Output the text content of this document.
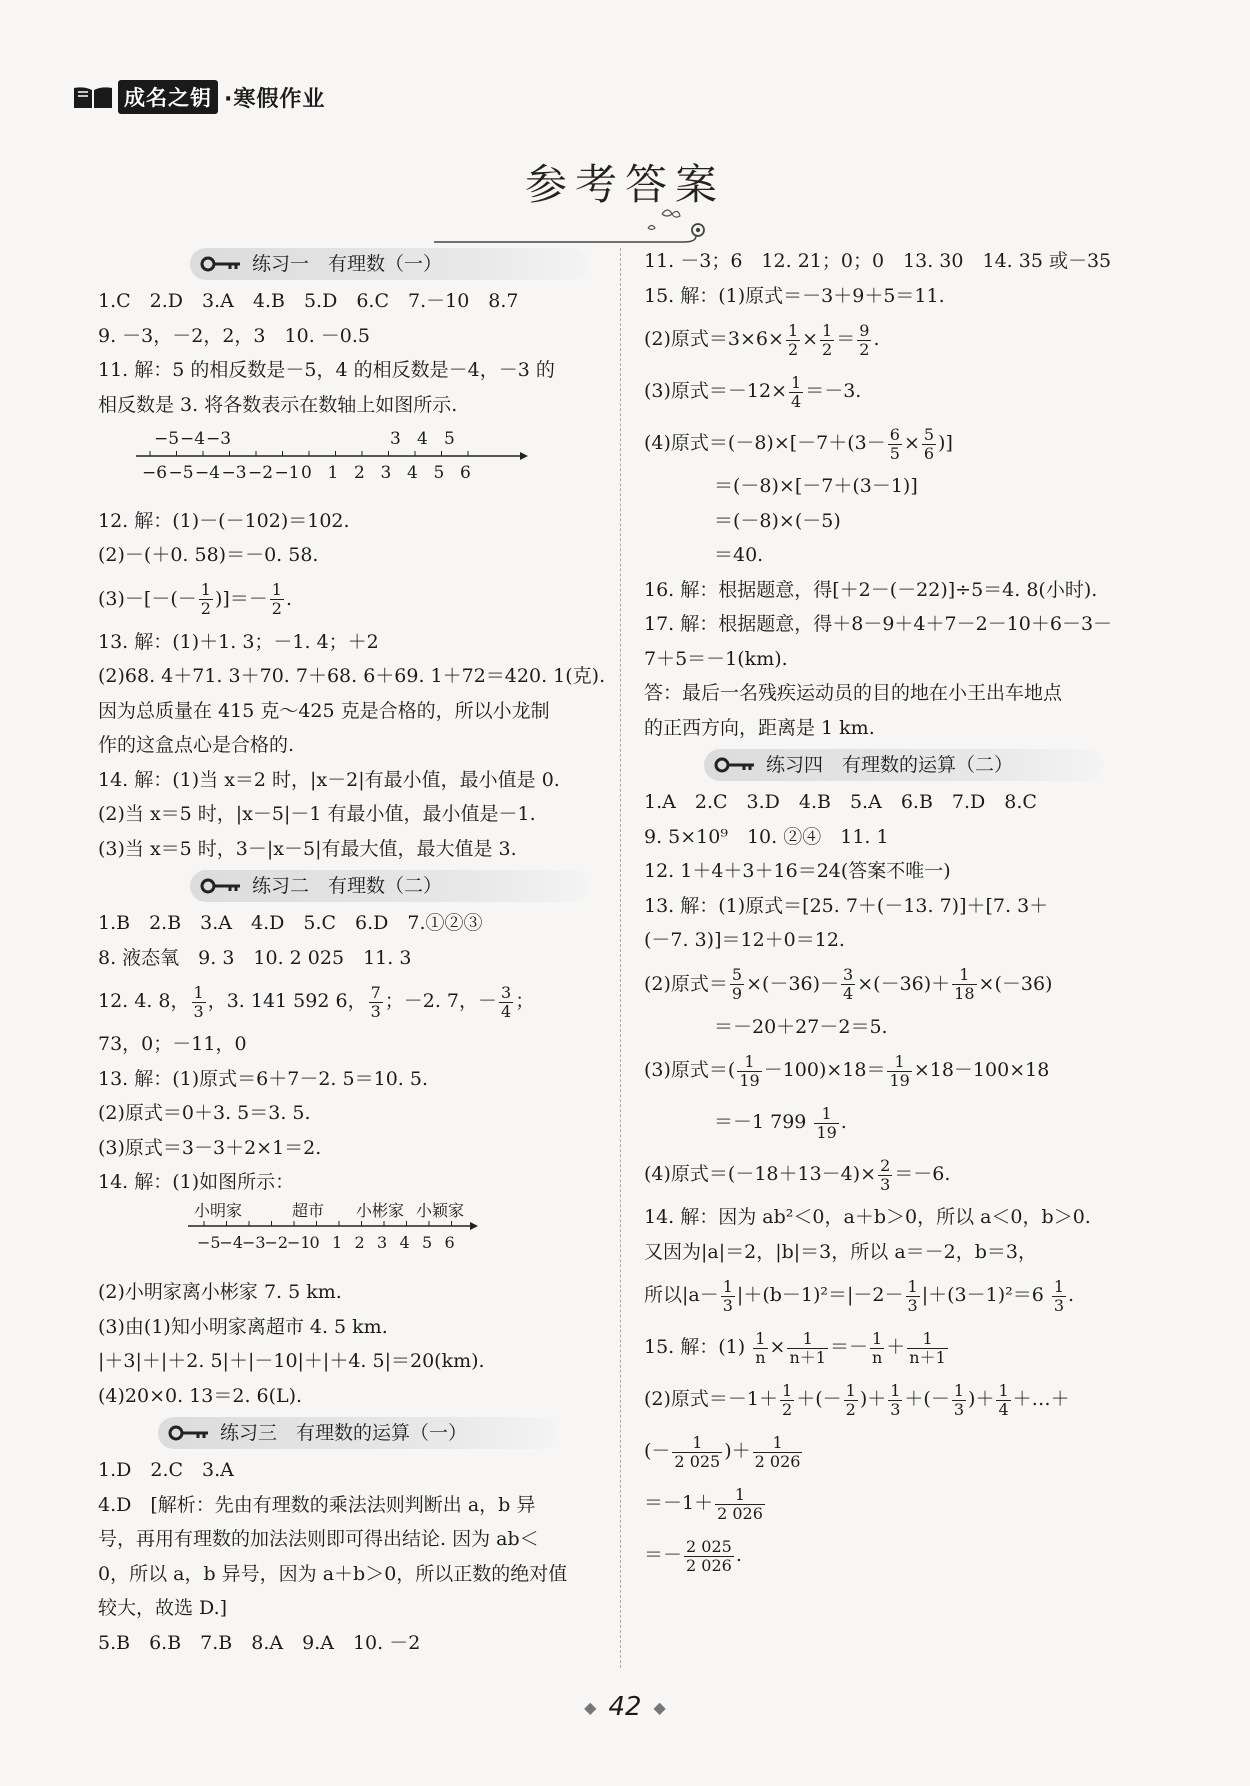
成名之钥 ·寒假作业
参考答案
练习一　有理数（一）
1.C　2.D　3.A　4.B　5.D　6.C　7.－10　8.7
9. －3，－2，2，3　10. －0.5
11. 解：5 的相反数是－5，4 的相反数是－4，－3 的
相反数是 3. 将各数表示在数轴上如图所示.
−5 −4 −3	3 4 5
−6 −5 −4 −3 −2 −1 0 1 2 3 4 5 6
12. 解：(1)－(－102)＝102.
(2)－(＋0. 58)＝－0. 58.
$(3)-[-(- \frac{1}{2}$ )]＝－ $\frac{1}{2}$ .
13. 解：(1)＋1. 3；－1. 4；＋2
(2)68. 4＋71. 3＋70. 7＋68. 6＋69. 1＋72＝420. 1(克).
因为总质量在 415 克～425 克是合格的，所以小龙制
作的这盒点心是合格的.
14. 解：(1)当 x＝2 时，|x－2|有最小值，最小值是 0.
(2)当 x＝5 时，|x－5|－1 有最小值，最小值是－1.
(3)当 x＝5 时，3－|x－5|有最大值，最大值是 3.
练习二　有理数（二）
1.B　2.B　3.A　4.D　5.C　6.D　7.①②③
8. 液态氧　9. 3　10. 2 025　11. 3
12. 4. 8， $\frac{1}{3}$ ，3. 141 592 6， $\frac{7}{3}$ ；－2. 7，－ $\frac{3}{4}$ ；
73，0；－11，0
13. 解：(1)原式＝6＋7－2. 5＝10. 5.
(2)原式＝0＋3. 5＝3. 5.
(3)原式＝3－3＋2×1＝2.
14. 解：(1)如图所示：
小明家	超市 小彬家 小颖家
−5
−4
−3
−2
−1
0 1 2 3 4 5 6
(2)小明家离小彬家 7. 5 km.
(3)由(1)知小明家离超市 4. 5 km.
|＋3|＋|＋2. 5|＋|－10|＋|＋4. 5|＝20(km).
(4)20×0. 13＝2. 6(L).
练习三　有理数的运算（一）
1.D　2.C　3.A
4.D　[解析：先由有理数的乘法法则判断出 a，b 异
号，再用有理数的加法法则即可得出结论. 因为 ab＜
0，所以 a，b 异号，因为 a＋b＞0，所以正数的绝对值
较大，故选 D.]
5.B　6.B　7.B　8.A　9.A　10. －2
11. －3；6　12. 21；0；0　13. 30　14. 35 或－35
15. 解：(1)原式＝－3＋9＋5＝11.
(2)原式$=3\times 6\times \frac{1}{2} \times \frac{1}{2} = \frac{9}{2}$ .
(3)原式$=-12\times \frac{1}{4} =-3$.
(4)原式$=(-8)\times[-7+(3- \frac{6}{5} \times \frac{5}{6}$ )]
＝(－8)×[－7＋(3－1)]
＝(－8)×(－5)
＝40.
16. 解：根据题意，得[＋2－(－22)]÷5＝4. 8(小时).
17. 解：根据题意，得＋8－9＋4＋7－2－10＋6－3－
7＋5＝－1(km).
答：最后一名残疾运动员的目的地在小王出车地点
的正西方向，距离是 1 km.
练习四　有理数的运算（二）
1.A　2.C　3.D　4.B　5.A　6.B　7.D　8.C
9. 5×10⁹　10. ②④　11. 1
12. 1＋4＋3＋16＝24(答案不唯一)
13. 解：(1)原式＝[25. 7＋(－13. 7)]＋[7. 3＋
(－7. 3)]＝12＋0＝12.
(2)原式＝ $\frac{5}{9} \times(-36)- \frac{3}{4} \times(-36)+ \frac{1}{18} \times(-36)$
＝－20＋27－2＝5.
(3)原式＝( $\frac{1}{19} -100)\times 18= \frac{1}{19} \times 18-100\times 18$
＝－1 $799 \frac{1}{19}$ .
(4)原式$=(-18+13-4)\times \frac{2}{3} =-6$.
14. 解：因为 ab²＜0，a＋b＞0，所以 a＜0，b＞0.
又因为|a|＝2，|b|＝3，所以 a＝－2，b＝3，
所以$|a- \frac{1}{3} |+(b-1)^2=|-2- \frac{1}{3} |+(3-1)^2=6 \frac{1}{3}$ .
15. 解：$(1) \frac{1}{n} \times \frac{1}{n+1} =- \frac{1}{n} + \frac{1}{n+1}$
(2)原式$=-1+ \frac{1}{2}$ ＋(－ $\frac{1}{2}$ )＋ $\frac{1}{3}$ ＋(－ $\frac{1}{3}$ )＋ $\frac{1}{4}$ ＋…＋
(－ $\frac{1}{2 025}$ )＋ $\frac{1}{2 026}$
$=-1+ \frac{1}{2 026}$
＝－ $\frac{2 025}{2 026}$ .
◆ 42 ◆
